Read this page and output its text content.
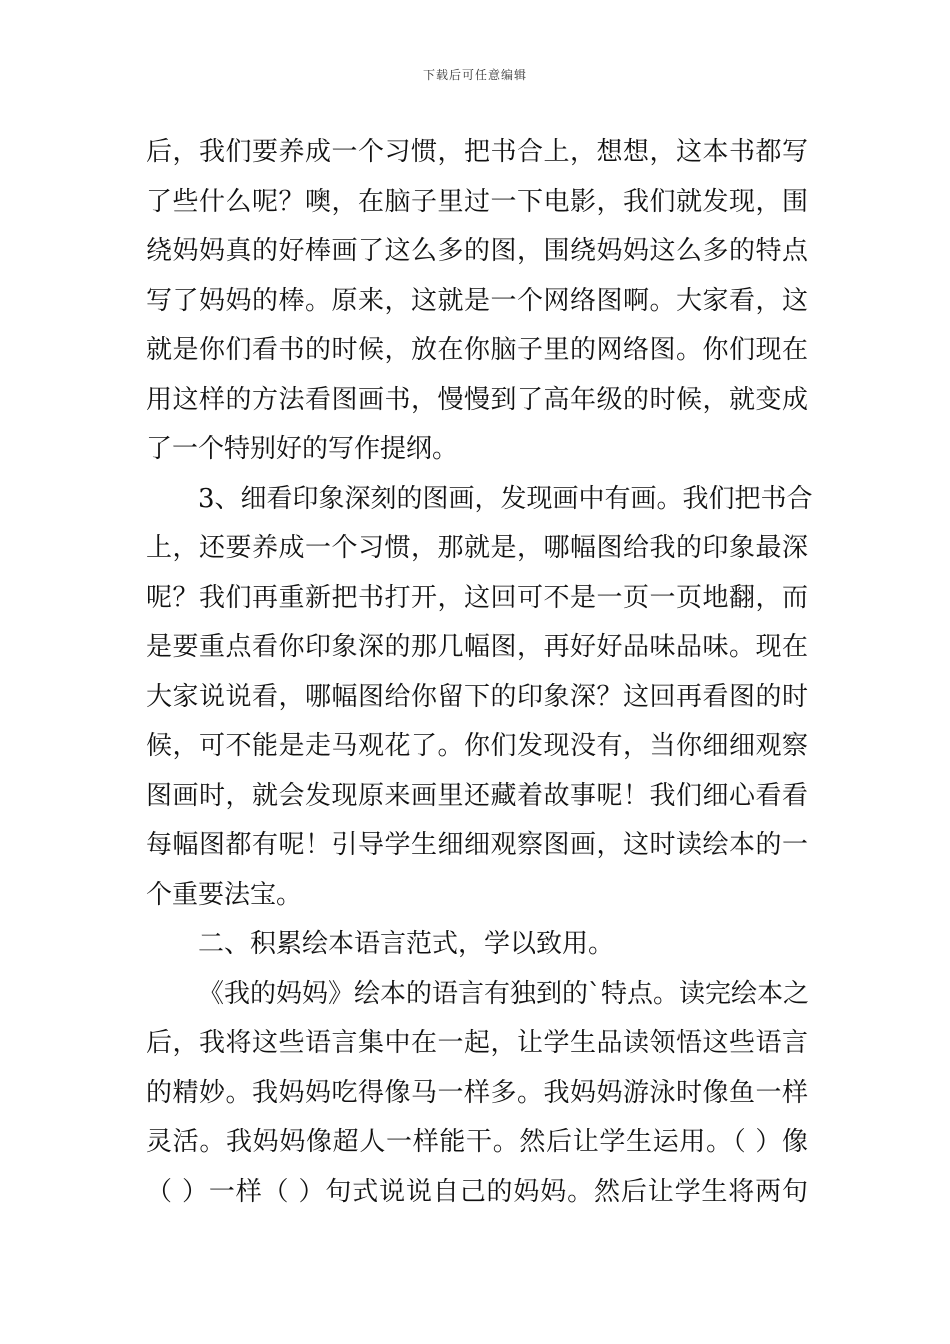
下载后可任意编辑
后，我们要养成一个习惯，把书合上，想想，这本书都写
了些什么呢？噢，在脑子里过一下电影，我们就发现，围
绕妈妈真的好棒画了这么多的图，围绕妈妈这么多的特点
写了妈妈的棒。原来，这就是一个网络图啊。大家看，这
就是你们看书的时候，放在你脑子里的网络图。你们现在
用这样的方法看图画书，慢慢到了高年级的时候，就变成
了一个特别好的写作提纲。
3、细看印象深刻的图画，发现画中有画。我们把书合
上，还要养成一个习惯，那就是，哪幅图给我的印象最深
呢？我们再重新把书打开，这回可不是一页一页地翻，而
是要重点看你印象深的那几幅图，再好好品味品味。现在
大家说说看，哪幅图给你留下的印象深？这回再看图的时
候，可不能是走马观花了。你们发现没有，当你细细观察
图画时，就会发现原来画里还藏着故事呢！我们细心看看
每幅图都有呢！引导学生细细观察图画，这时读绘本的一
个重要法宝。
二、积累绘本语言范式，学以致用。
《我的妈妈》绘本的语言有独到的`特点。读完绘本之
后，我将这些语言集中在一起，让学生品读领悟这些语言
的精妙。我妈妈吃得像马一样多。我妈妈游泳时像鱼一样
灵活。我妈妈像超人一样能干。然后让学生运用。（ ）像
（ ）一样（ ）句式说说自己的妈妈。然后让学生将两句
